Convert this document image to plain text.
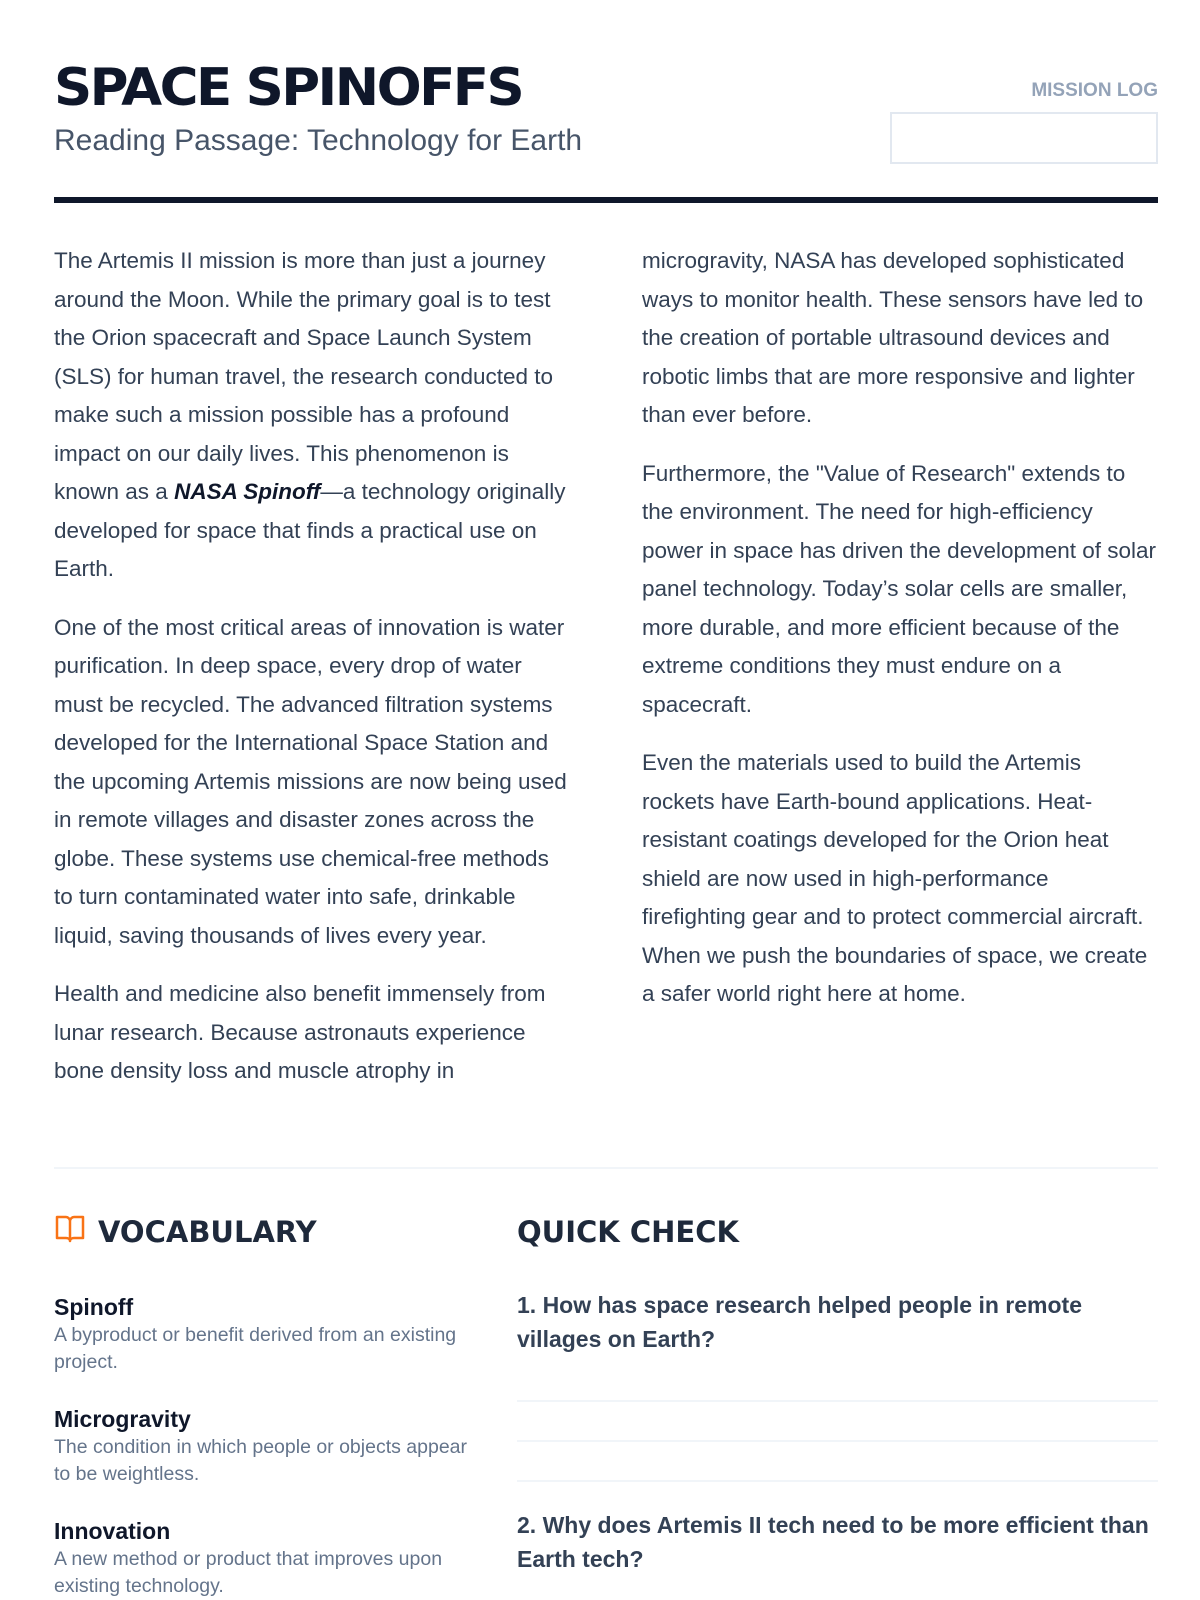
SPACE SPINOFFS
Reading Passage: Technology for Earth
MISSION LOG

The Artemis II mission is more than just a journey around the Moon. While the primary goal is to test the Orion spacecraft and Space Launch System (SLS) for human travel, the research conducted to make such a mission possible has a profound impact on our daily lives. This phenomenon is known as a NASA Spinoff—a technology originally developed for space that finds a practical use on Earth.

One of the most critical areas of innovation is water purification. In deep space, every drop of water must be recycled. The advanced filtration systems developed for the International Space Station and the upcoming Artemis missions are now being used in remote villages and disaster zones across the globe. These systems use chemical-free methods to turn contaminated water into safe, drinkable liquid, saving thousands of lives every year.

Health and medicine also benefit immensely from lunar research. Because astronauts experience bone density loss and muscle atrophy in microgravity, NASA has developed sophisticated ways to monitor health. These sensors have led to the creation of portable ultrasound devices and robotic limbs that are more responsive and lighter than ever before.

Furthermore, the "Value of Research" extends to the environment. The need for high-efficiency power in space has driven the development of solar panel technology. Today’s solar cells are smaller, more durable, and more efficient because of the extreme conditions they must endure on a spacecraft.

Even the materials used to build the Artemis rockets have Earth-bound applications. Heat-resistant coatings developed for the Orion heat shield are now used in high-performance firefighting gear and to protect commercial aircraft. When we push the boundaries of space, we create a safer world right here at home.

VOCABULARY
Spinoff
A byproduct or benefit derived from an existing project.
Microgravity
The condition in which people or objects appear to be weightless.
Innovation
A new method or product that improves upon existing technology.
QUICK CHECK
1. How has space research helped people in remote villages on Earth?
2. Why does Artemis II tech need to be more efficient than Earth tech?
